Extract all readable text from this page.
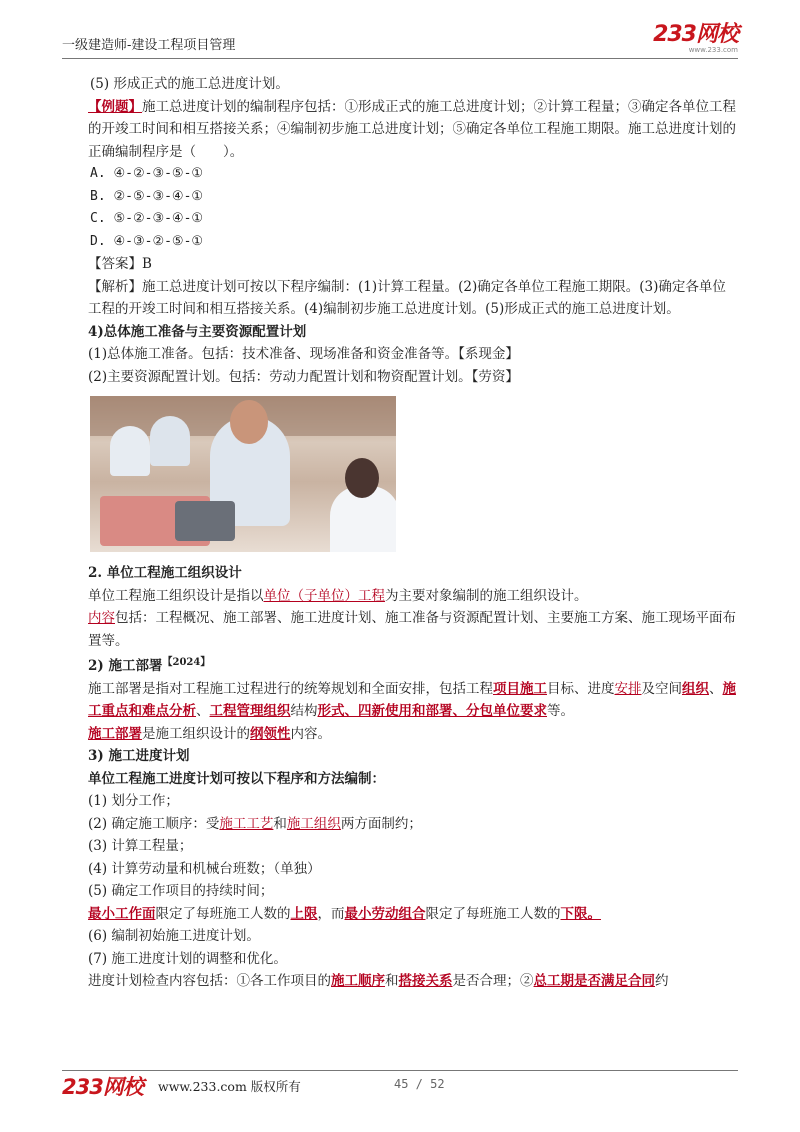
一级建造师-建设工程项目管理	233网校
www.233.com

(5) 形成正式的施工总进度计划。

【例题】施工总进度计划的编制程序包括：①形成正式的施工总进度计划；②计算工程量；③确定各单位工程的开竣工时间和相互搭接关系；④编制初步施工总进度计划；⑤确定各单位工程施工期限。施工总进度计划的正确编制程序是（　　）。

A. ④-②-③-⑤-①

B. ②-⑤-③-④-①

C. ⑤-②-③-④-①

D. ④-③-②-⑤-①

【答案】B

【解析】施工总进度计划可按以下程序编制：(1)计算工程量。(2)确定各单位工程施工期限。(3)确定各单位工程的开竣工时间和相互搭接关系。(4)编制初步施工总进度计划。(5)形成正式的施工总进度计划。

4)总体施工准备与主要资源配置计划

(1)总体施工准备。包括：技术准备、现场准备和资金准备等。【系现金】

(2)主要资源配置计划。包括：劳动力配置计划和物资配置计划。【劳资】

2. 单位工程施工组织设计

单位工程施工组织设计是指以单位（子单位）工程为主要对象编制的施工组织设计。

内容包括：工程概况、施工部署、施工进度计划、施工准备与资源配置计划、主要施工方案、施工现场平面布置等。

2) 施工部署$^{【2024】}$

施工部署是指对工程施工过程进行的统筹规划和全面安排，包括工程项目施工目标、进度安排及空间组织、施工重点和难点分析、工程管理组织结构形式、四新使用和部署、分包单位要求等。

施工部署是施工组织设计的纲领性内容。

3) 施工进度计划

单位工程施工进度计划可按以下程序和方法编制：

(1) 划分工作；

(2) 确定施工顺序：受施工工艺和施工组织两方面制约；

(3) 计算工程量；

(4) 计算劳动量和机械台班数；（单独）

(5) 确定工作项目的持续时间；

最小工作面限定了每班施工人数的上限，而最小劳动组合限定了每班施工人数的下限。

(6) 编制初始施工进度计划。

(7) 施工进度计划的调整和优化。

进度计划检查内容包括：①各工作项目的施工顺序和搭接关系是否合理；②总工期是否满足合同约

233网校 www.233.com 版权所有	45 / 52
